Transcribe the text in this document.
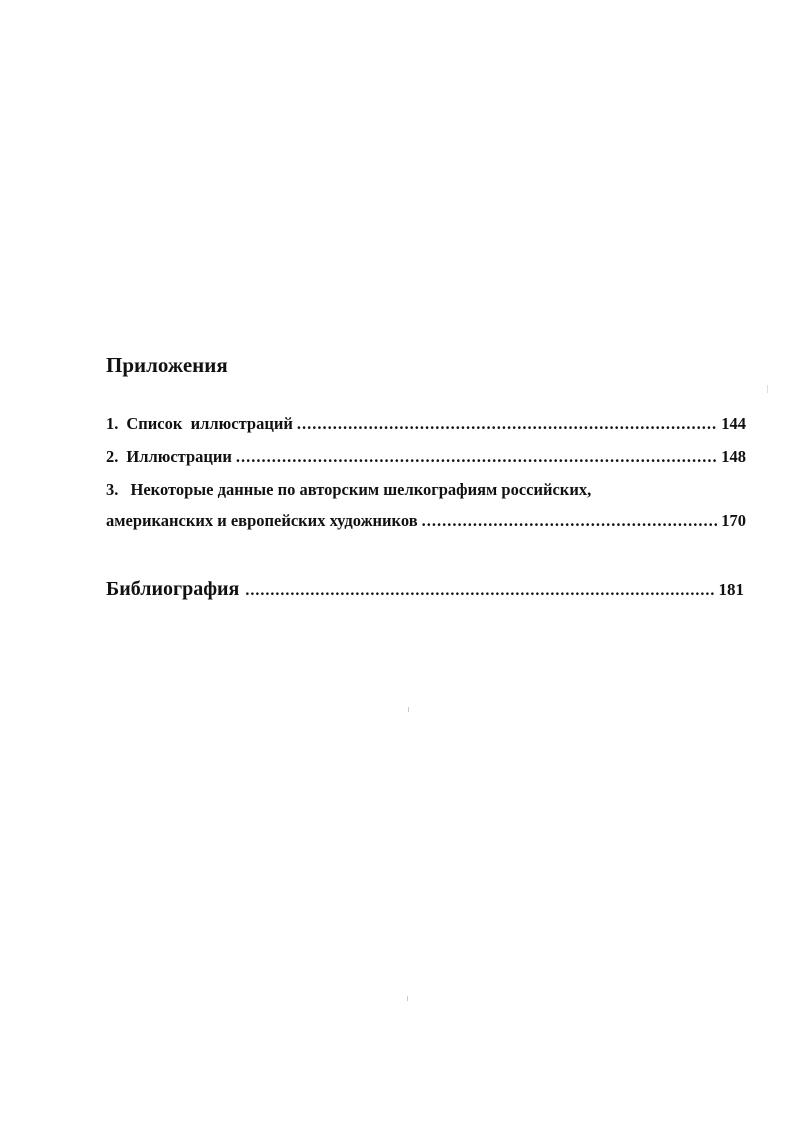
Приложения
1. Список  иллюстраций .....	144
2. Иллюстрации .....	148
3. Некоторые данные по авторским шелкографиям российских,
американских и европейских художников .....	170
Библиография .....	181
